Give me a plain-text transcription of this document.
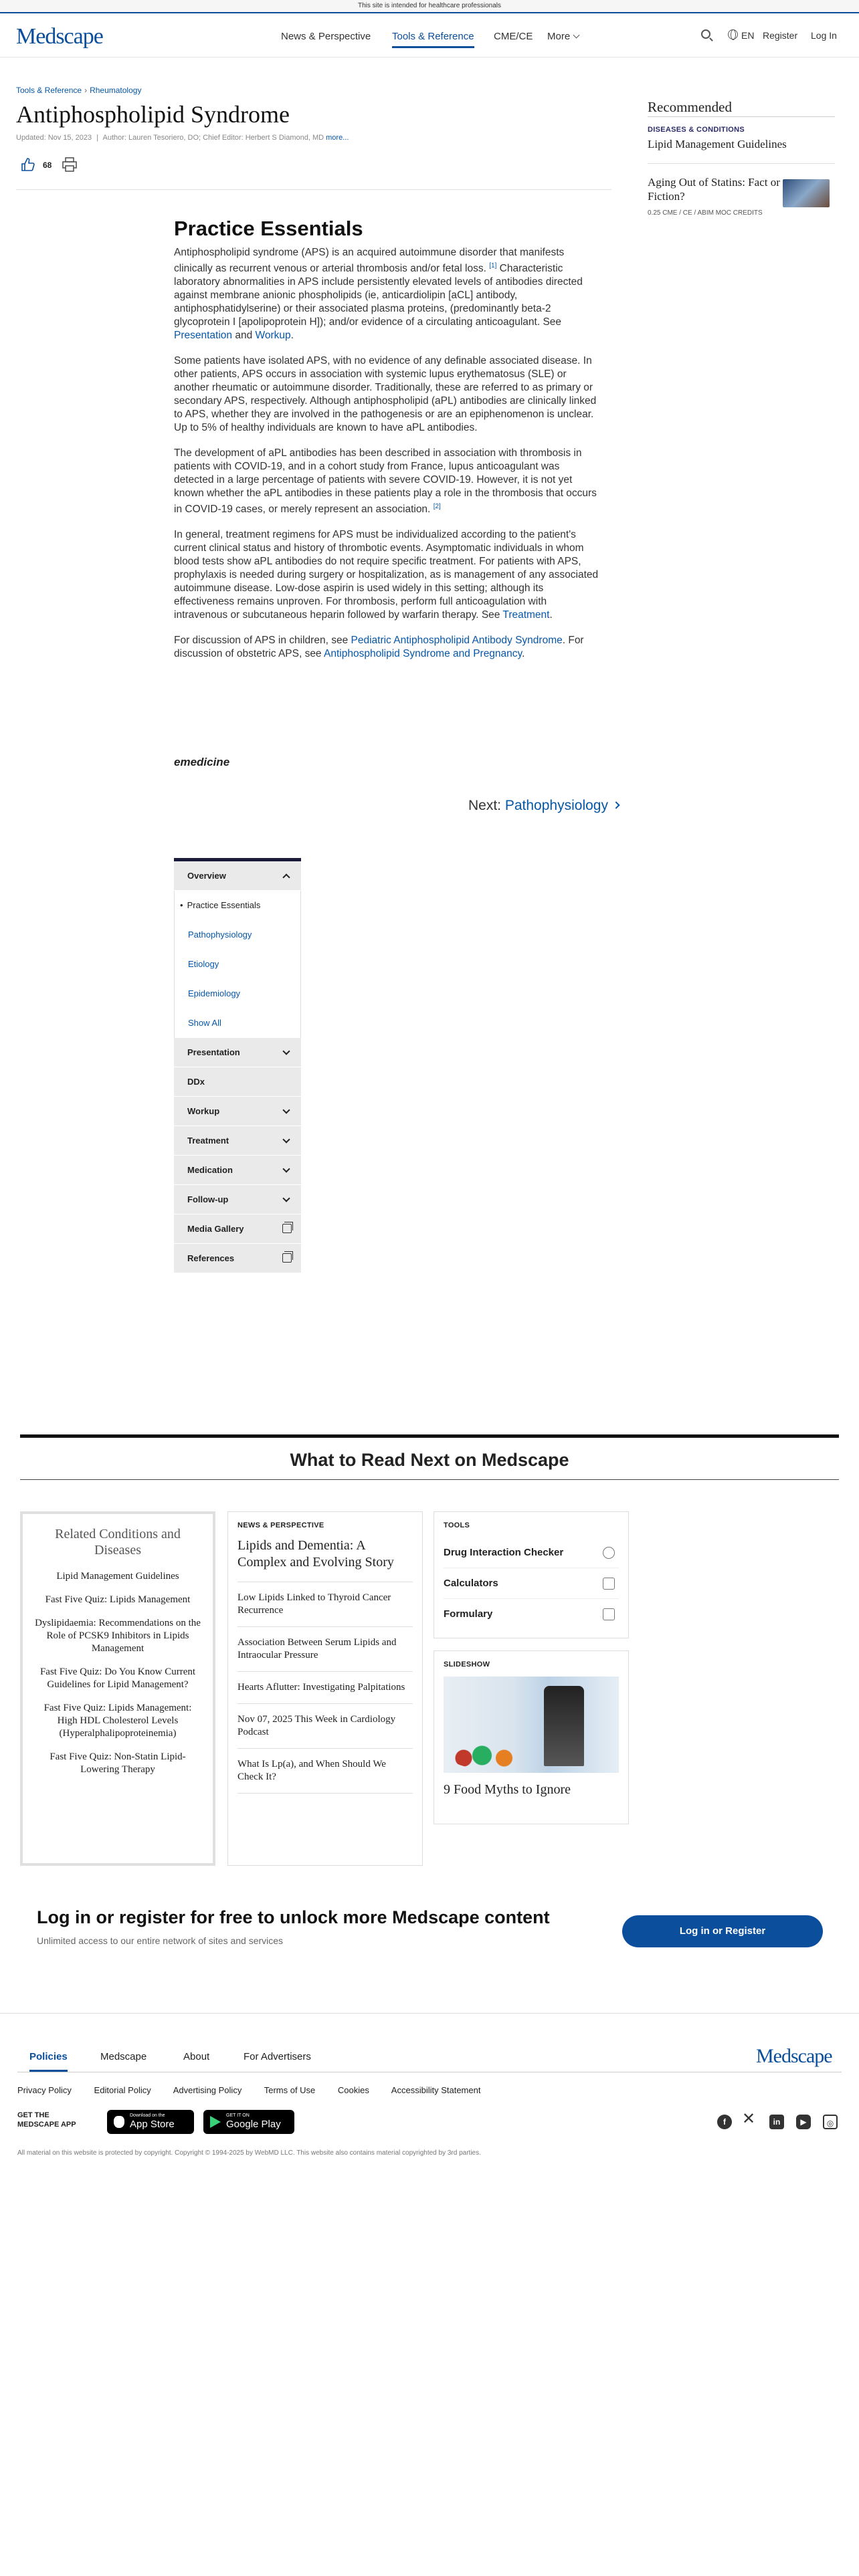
This site is intended for healthcare professionals
Medscape	News & Perspective Tools & Reference CME/CE More	EN Register Log In
Tools & Reference › Rheumatology
Antiphospholipid Syndrome
Updated: Nov 15, 2023 | Author: Lauren Tesoriero, DO; Chief Editor: Herbert S Diamond, MD more...
68
Recommended
DISEASES & CONDITIONS
Lipid Management Guidelines
Aging Out of Statins: Fact or Fiction?
0.25 CME / CE / ABIM MOC CREDITS
Practice Essentials

Antiphospholipid syndrome (APS) is an acquired autoimmune disorder that manifests clinically as recurrent venous or arterial thrombosis and/or fetal loss. [1] Characteristic laboratory abnormalities in APS include persistently elevated levels of antibodies directed against membrane anionic phospholipids (ie, anticardiolipin [aCL] antibody, antiphosphatidylserine) or their associated plasma proteins, (predominantly beta-2 glycoprotein I [apolipoprotein H]); and/or evidence of a circulating anticoagulant. See Presentation and Workup.

Some patients have isolated APS, with no evidence of any definable associated disease. In other patients, APS occurs in association with systemic lupus erythematosus (SLE) or another rheumatic or autoimmune disorder. Traditionally, these are referred to as primary or secondary APS, respectively. Although antiphospholipid (aPL) antibodies are clinically linked to APS, whether they are involved in the pathogenesis or are an epiphenomenon is unclear. Up to 5% of healthy individuals are known to have aPL antibodies.

The development of aPL antibodies has been described in association with thrombosis in patients with COVID-19, and in a cohort study from France, lupus anticoagulant was detected in a large percentage of patients with severe COVID-19. However, it is not yet known whether the aPL antibodies in these patients play a role in the thrombosis that occurs in COVID-19 cases, or merely represent an association. [2]

In general, treatment regimens for APS must be individualized according to the patient's current clinical status and history of thrombotic events. Asymptomatic individuals in whom blood tests show aPL antibodies do not require specific treatment. For patients with APS, prophylaxis is needed during surgery or hospitalization, as is management of any associated autoimmune disease. Low-dose aspirin is used widely in this setting; although its effectiveness remains unproven. For thrombosis, perform full anticoagulation with intravenous or subcutaneous heparin followed by warfarin therapy. See Treatment.

For discussion of APS in children, see Pediatric Antiphospholipid Antibody Syndrome. For discussion of obstetric APS, see Antiphospholipid Syndrome and Pregnancy.

emedicine
Next: Pathophysiology
Overview
• Practice Essentials
Pathophysiology
Etiology
Epidemiology
Show All
Presentation
DDx
Workup
Treatment
Medication
Follow-up
Media Gallery
References
What to Read Next on Medscape
Related Conditions and Diseases
Lipid Management Guidelines
Fast Five Quiz: Lipids Management
Dyslipidaemia: Recommendations on the Role of PCSK9 Inhibitors in Lipids Management
Fast Five Quiz: Do You Know Current Guidelines for Lipid Management?
Fast Five Quiz: Lipids Management: High HDL Cholesterol Levels (Hyperalphalipoproteinemia)
Fast Five Quiz: Non-Statin Lipid-Lowering Therapy
NEWS & PERSPECTIVE
Lipids and Dementia: A Complex and Evolving Story
Low Lipids Linked to Thyroid Cancer Recurrence
Association Between Serum Lipids and Intraocular Pressure
Hearts Aflutter: Investigating Palpitations
Nov 07, 2025 This Week in Cardiology Podcast
What Is Lp(a), and When Should We Check It?
TOOLS
Drug Interaction Checker
Calculators
Formulary
SLIDESHOW
9 Food Myths to Ignore
Log in or register for free to unlock more Medscape content
Unlimited access to our entire network of sites and services
Log in or Register
Policies	Medscape	About	For Advertisers	Medscape
Privacy Policy	Editorial Policy	Advertising Policy	Terms of Use	Cookies	Accessibility Statement
GET THE
MEDSCAPE APP
Download on the
App Store
GET IT ON
Google Play	f ✕	in	▶	◎
All material on this website is protected by copyright. Copyright © 1994-2025 by WebMD LLC. This website also contains material copyrighted by 3rd parties.
